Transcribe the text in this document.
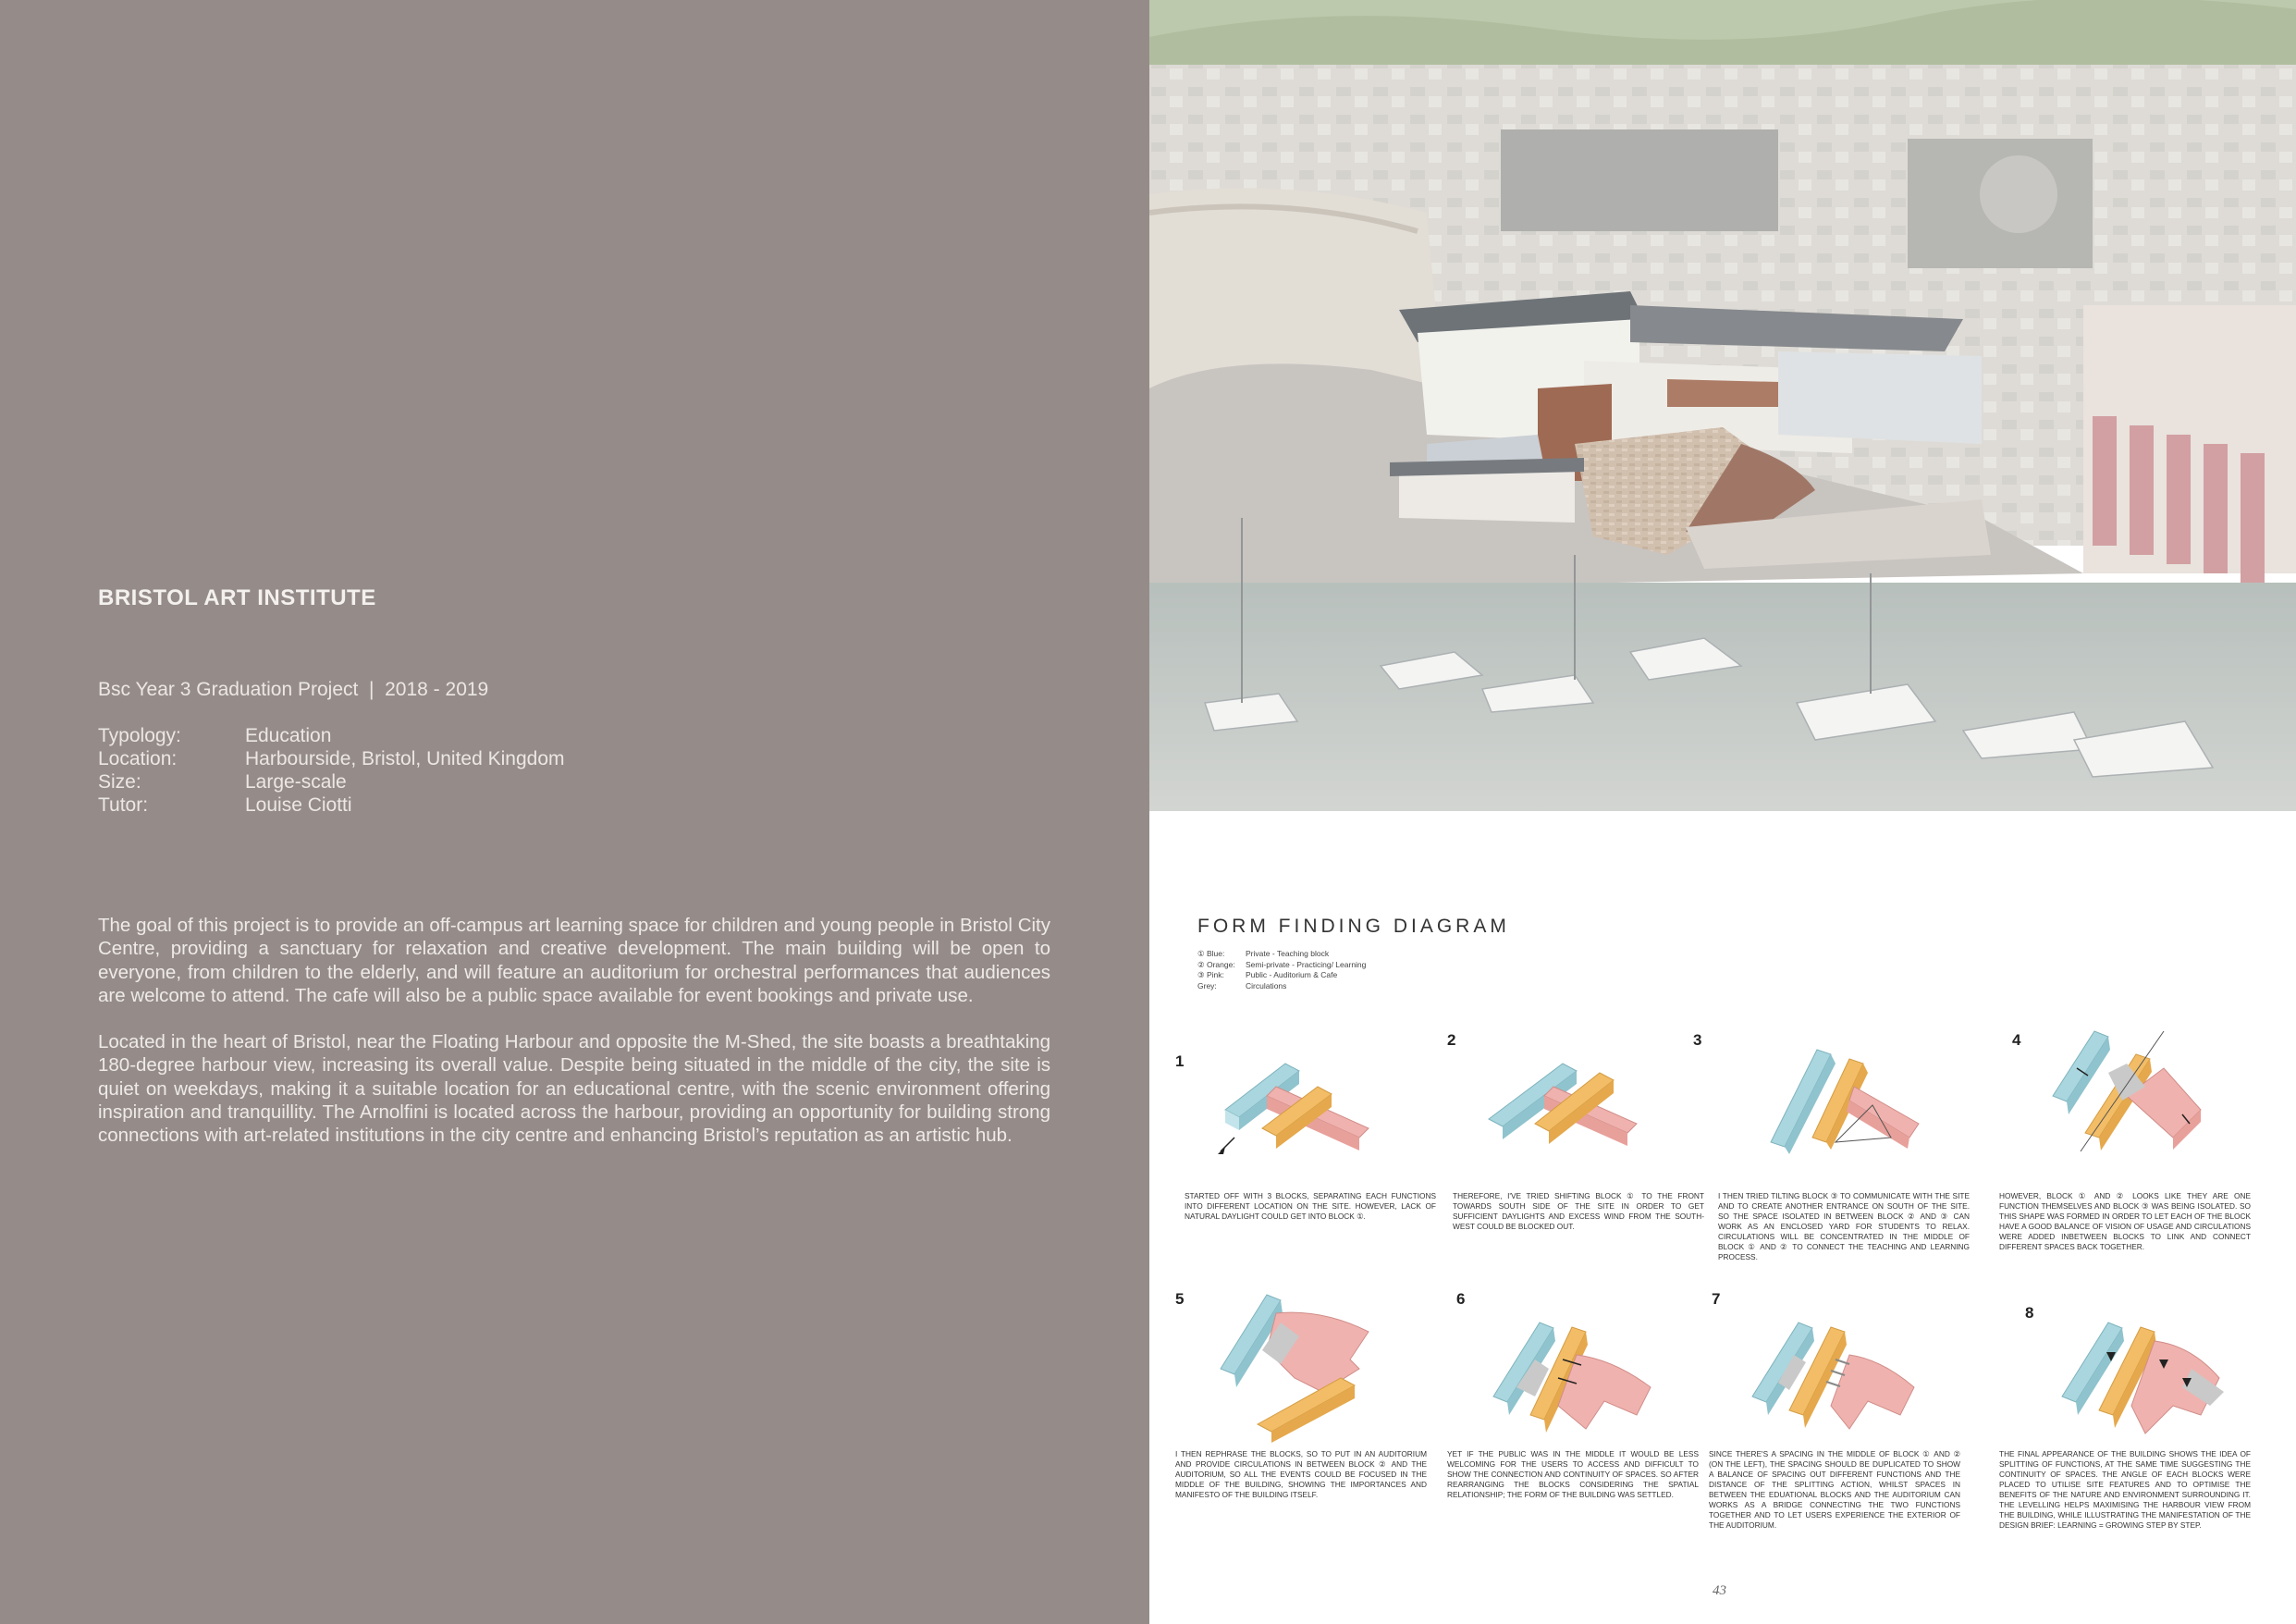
BRISTOL ART INSTITUTE
Bsc Year 3 Graduation Project  |  2018 - 2019
Typology:	Education
Location:	Harbourside, Bristol, United Kingdom
Size:	Large-scale
Tutor:	Louise Ciotti

The goal of this project is to provide an off-campus art learning space for children and young people in Bristol City Centre, providing a sanctuary for relaxation and creative development. The main building will be open to everyone, from children to the elderly, and will feature an auditorium for orchestral performances that audiences are welcome to attend. The cafe will also be a public space available for event bookings and private use.

Located in the heart of Bristol, near the Floating Harbour and opposite the M-Shed, the site boasts a breathtaking 180-degree harbour view, increasing its overall value. Despite being situated in the middle of the city, the site is quiet on weekdays, making it a suitable location for an educational centre, with the scenic environment offering inspiration and tranquillity. The Arnolfini is located across the harbour, providing an opportunity for building strong connections with art-related institutions in the city centre and enhancing Bristol’s reputation as an artistic hub.

FORM FINDING DIAGRAM
① Blue:	Private - Teaching block
② Orange:	Semi-private - Practicing/ Learning
③ Pink:	Public - Auditorium & Cafe
Grey:	Circulations
1
STARTED OFF WITH 3 BLOCKS, SEPARATING EACH FUNCTIONS INTO DIFFERENT LOCATION ON THE SITE. HOWEVER, LACK OF NATURAL DAYLIGHT COULD GET INTO BLOCK ①.
2
THEREFORE, I'VE TRIED SHIFTING BLOCK ① TO THE FRONT TOWARDS SOUTH SIDE OF THE SITE IN ORDER TO GET SUFFICIENT DAYLIGHTS AND EXCESS WIND FROM THE SOUTH-WEST COULD BE BLOCKED OUT.
3
I THEN TRIED TILTING BLOCK ③ TO COMMUNICATE WITH THE SITE AND TO CREATE ANOTHER ENTRANCE ON SOUTH OF THE SITE. SO THE SPACE ISOLATED IN BETWEEN BLOCK ② AND ③ CAN WORK AS AN ENCLOSED YARD FOR STUDENTS TO RELAX. CIRCULATIONS WILL BE CONCENTRATED IN THE MIDDLE OF BLOCK ① AND ② TO CONNECT THE TEACHING AND LEARNING PROCESS.
4
HOWEVER, BLOCK ① AND ② LOOKS LIKE THEY ARE ONE FUNCTION THEMSELVES AND BLOCK ③ WAS BEING ISOLATED. SO THIS SHAPE WAS FORMED IN ORDER TO LET EACH OF THE BLOCK HAVE A GOOD BALANCE OF VISION OF USAGE AND CIRCULATIONS WERE ADDED INBETWEEN BLOCKS TO LINK AND CONNECT DIFFERENT SPACES BACK TOGETHER.
5
I THEN REPHRASE THE BLOCKS, SO TO PUT IN AN AUDITORIUM AND PROVIDE CIRCULATIONS IN BETWEEN BLOCK ② AND THE AUDITORIUM, SO ALL THE EVENTS COULD BE FOCUSED IN THE MIDDLE OF THE BUILDING, SHOWING THE IMPORTANCES AND MANIFESTO OF THE BUILDING ITSELF.
6
YET IF THE PUBLIC WAS IN THE MIDDLE IT WOULD BE LESS WELCOMING FOR THE USERS TO ACCESS AND DIFFICULT TO SHOW THE CONNECTION AND CONTINUITY OF SPACES. SO AFTER REARRANGING THE BLOCKS CONSIDERING THE SPATIAL RELATIONSHIP; THE FORM OF THE BUILDING WAS SETTLED.
7
SINCE THERE'S A SPACING IN THE MIDDLE OF BLOCK ① AND ② (ON THE LEFT), THE SPACING SHOULD BE DUPLICATED TO SHOW A BALANCE OF SPACING OUT DIFFERENT FUNCTIONS AND THE DISTANCE OF THE SPLITTING ACTION, WHILST SPACES IN BETWEEN THE EDUATIONAL BLOCKS AND THE AUDITORIUM CAN WORKS AS A BRIDGE CONNECTING THE TWO FUNCTIONS TOGETHER AND TO LET USERS EXPERIENCE THE EXTERIOR OF THE AUDITORIUM.
8
THE FINAL APPEARANCE OF THE BUILDING SHOWS THE IDEA OF SPLITTING OF FUNCTIONS, AT THE SAME TIME SUGGESTING THE CONTINUITY OF SPACES. THE ANGLE OF EACH BLOCKS WERE PLACED TO UTILISE SITE FEATURES AND TO OPTIMISE THE BENEFITS OF THE NATURE AND ENVIRONMENT SURROUNDING IT. THE LEVELLING HELPS MAXIMISING THE HARBOUR VIEW FROM THE BUILDING, WHILE ILLUSTRATING THE MANIFESTATION OF THE DESIGN BRIEF: LEARNING = GROWING STEP BY STEP.
43
